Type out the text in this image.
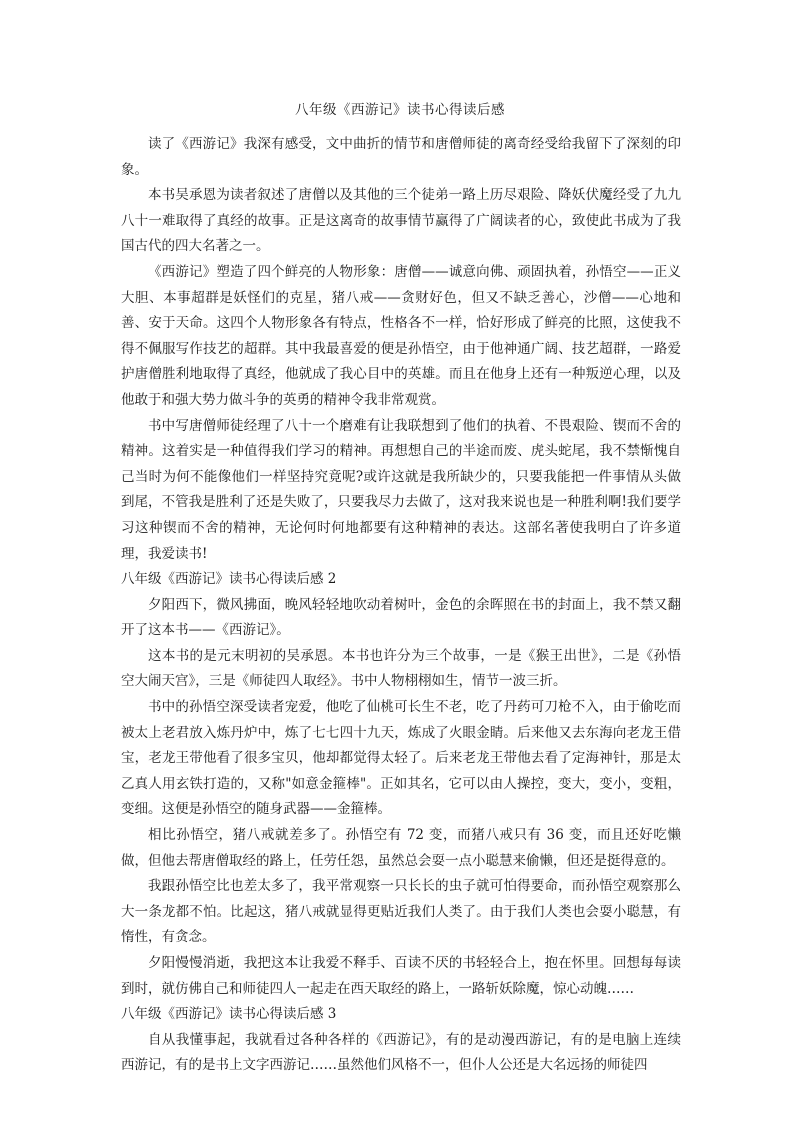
八年级《西游记》读书心得读后感

读了《西游记》我深有感受，文中曲折的情节和唐僧师徒的离奇经受给我留下了深刻的印象。

本书吴承恩为读者叙述了唐僧以及其他的三个徒弟一路上历尽艰险、降妖伏魔经受了九九八十一难取得了真经的故事。正是这离奇的故事情节赢得了广阔读者的心，致使此书成为了我国古代的四大名著之一。

《西游记》塑造了四个鲜亮的人物形象：唐僧——诚意向佛、顽固执着，孙悟空——正义大胆、本事超群是妖怪们的克星，猪八戒——贪财好色，但又不缺乏善心，沙僧——心地和善、安于天命。这四个人物形象各有特点，性格各不一样，恰好形成了鲜亮的比照，这使我不得不佩服写作技艺的超群。其中我最喜爱的便是孙悟空，由于他神通广阔、技艺超群，一路爱护唐僧胜利地取得了真经，他就成了我心目中的英雄。而且在他身上还有一种叛逆心理，以及他敢于和强大势力做斗争的英勇的精神令我非常观赏。

书中写唐僧师徒经理了八十一个磨难有让我联想到了他们的执着、不畏艰险、锲而不舍的精神。这着实是一种值得我们学习的精神。再想想自己的半途而废、虎头蛇尾，我不禁惭愧自己当时为何不能像他们一样坚持究竟呢?或许这就是我所缺少的，只要我能把一件事情从头做到尾，不管我是胜利了还是失败了，只要我尽力去做了，这对我来说也是一种胜利啊!我们要学习这种锲而不舍的精神，无论何时何地都要有这种精神的表达。这部名著使我明白了许多道理，我爱读书!

八年级《西游记》读书心得读后感 2

夕阳西下，微风拂面，晚风轻轻地吹动着树叶，金色的余晖照在书的封面上，我不禁又翻开了这本书——《西游记》。

这本书的是元末明初的吴承恩。本书也许分为三个故事，一是《猴王出世》，二是《孙悟空大闹天宫》，三是《师徒四人取经》。书中人物栩栩如生，情节一波三折。

书中的孙悟空深受读者宠爱，他吃了仙桃可长生不老，吃了丹药可刀枪不入，由于偷吃而被太上老君放入炼丹炉中，炼了七七四十九天，炼成了火眼金睛。后来他又去东海向老龙王借宝，老龙王带他看了很多宝贝，他却都觉得太轻了。后来老龙王带他去看了定海神针，那是太乙真人用玄铁打造的，又称"如意金箍棒"。正如其名，它可以由人操控，变大，变小，变粗，变细。这便是孙悟空的随身武器——金箍棒。

相比孙悟空，猪八戒就差多了。孙悟空有 72 变，而猪八戒只有 36 变，而且还好吃懒做，但他去帮唐僧取经的路上，任劳任怨，虽然总会耍一点小聪慧来偷懒，但还是挺得意的。

我跟孙悟空比也差太多了，我平常观察一只长长的虫子就可怕得要命，而孙悟空观察那么大一条龙都不怕。比起这，猪八戒就显得更贴近我们人类了。由于我们人类也会耍小聪慧，有惰性，有贪念。

夕阳慢慢消逝，我把这本让我爱不释手、百读不厌的书轻轻合上，抱在怀里。回想每每读到时，就仿佛自己和师徒四人一起走在西天取经的路上，一路斩妖除魔，惊心动魄……

八年级《西游记》读书心得读后感 3

自从我懂事起，我就看过各种各样的《西游记》，有的是动漫西游记，有的是电脑上连续西游记，有的是书上文字西游记……虽然他们风格不一，但仆人公还是大名远扬的师徒四
